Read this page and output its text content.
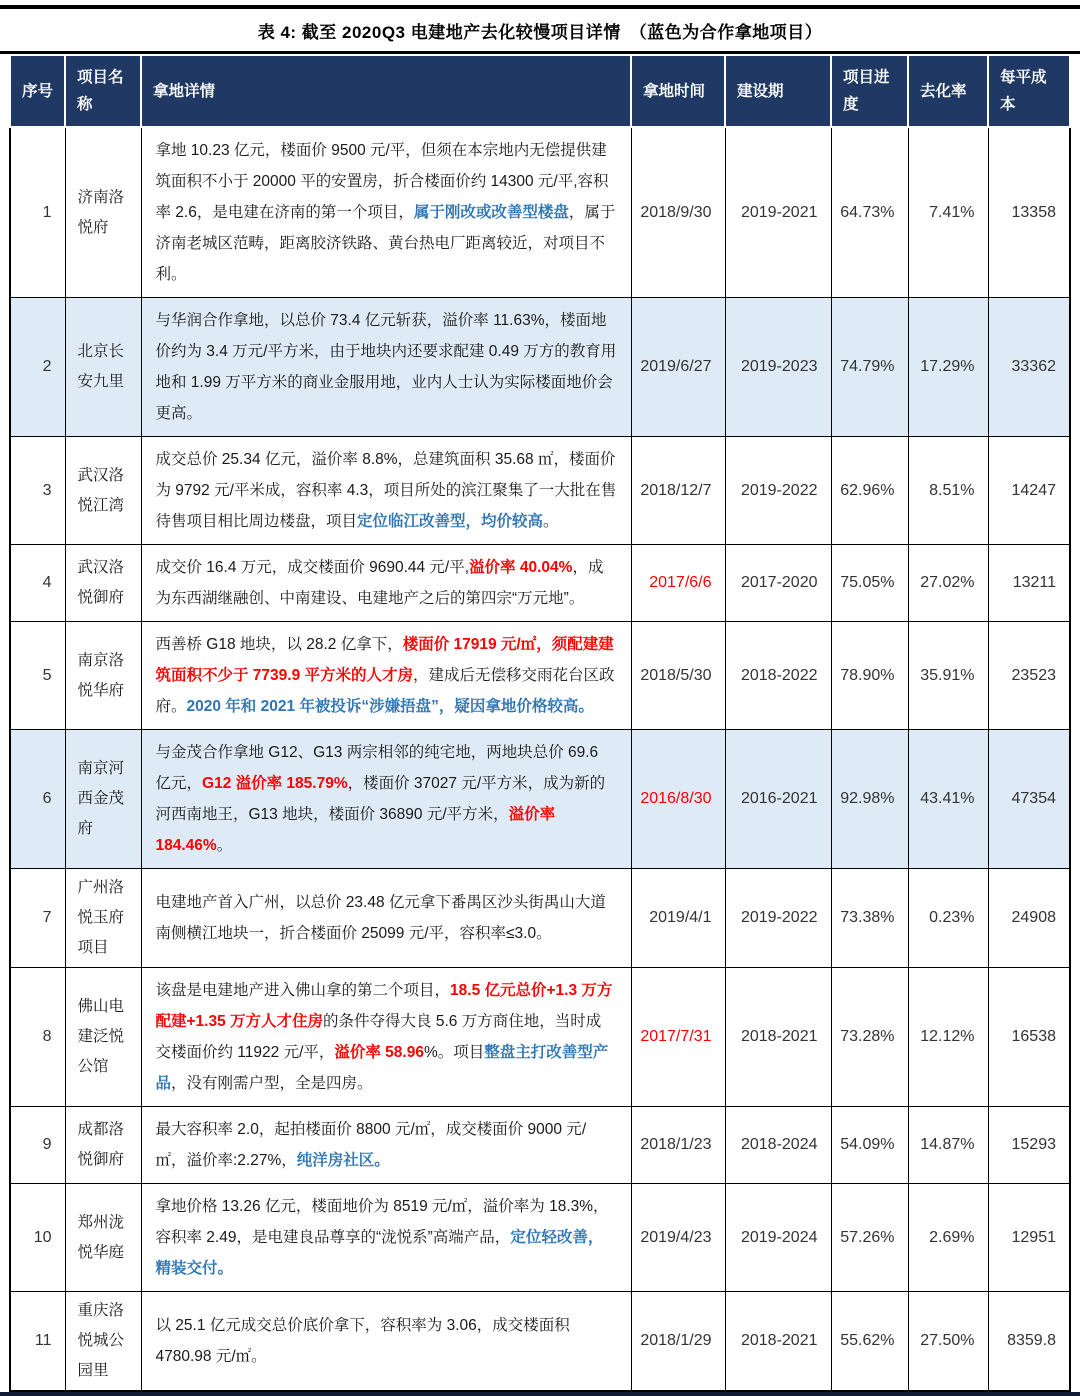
表 4: 截至 2020Q3 电建地产去化较慢项目详情　（蓝色为合作拿地项目）
序号	项目名称	拿地详情	拿地时间	建设期	项目进度	去化率	每平成本
1	济南洛悦府	拿地 10.23 亿元，楼面价 9500 元/平，但须在本宗地内无偿提供建筑面积不小于 20000 平的安置房，折合楼面价约 14300 元/平,容积率 2.6，是电建在济南的第一个项目，属于刚改或改善型楼盘，属于济南老城区范畴，距离胶济铁路、黄台热电厂距离较近，对项目不利。	2018/9/30	2019-2021	64.73%	7.41%	13358
2	北京长安九里	与华润合作拿地，以总价 73.4 亿元斩获，溢价率 11.63%，楼面地价约为 3.4 万元/平方米，由于地块内还要求配建 0.49 万方的教育用地和 1.99 万平方米的商业金服用地，业内人士认为实际楼面地价会更高。	2019/6/27	2019-2023	74.79%	17.29%	33362
3	武汉洛悦江湾	成交总价 25.34 亿元，溢价率 8.8%，总建筑面积 35.68 ㎡，楼面价为 9792 元/平米成，容积率 4.3，项目所处的滨江聚集了一大批在售待售项目相比周边楼盘，项目定位临江改善型，均价较高。	2018/12/7	2019-2022	62.96%	8.51%	14247
4	武汉洛悦御府	成交价 16.4 万元，成交楼面价 9690.44 元/平,溢价率 40.04%，成为东西湖继融创、中南建设、电建地产之后的第四宗“万元地”。	2017/6/6	2017-2020	75.05%	27.02%	13211
5	南京洛悦华府	西善桥 G18 地块，以 28.2 亿拿下，楼面价 17919 元/㎡，须配建建筑面积不少于 7739.9 平方米的人才房，建成后无偿移交雨花台区政府。2020 年和 2021 年被投诉“涉嫌捂盘”，疑因拿地价格较高。	2018/5/30	2018-2022	78.90%	35.91%	23523
6	南京河西金茂府	与金茂合作拿地 G12、G13 两宗相邻的纯宅地，两地块总价 69.6 亿元，G12 溢价率 185.79%，楼面价 37027 元/平方米，成为新的河西南地王，G13 地块，楼面价 36890 元/平方米，溢价率 184.46%。	2016/8/30	2016-2021	92.98%	43.41%	47354
7	广州洛悦玉府项目	电建地产首入广州，以总价 23.48 亿元拿下番禺区沙头街禺山大道南侧横江地块一，折合楼面价 25099 元/平，容积率≤3.0。	2019/4/1	2019-2022	73.38%	0.23%	24908
8	佛山电建泛悦公馆	该盘是电建地产进入佛山拿的第二个项目，18.5 亿元总价+1.3 万方配建+1.35 万方人才住房的条件夺得大良 5.6 万方商住地，当时成交楼面价约 11922 元/平，溢价率 58.96%。项目整盘主打改善型产品，没有刚需户型，全是四房。	2017/7/31	2018-2021	73.28%	12.12%	16538
9	成都洛悦御府	最大容积率 2.0，起拍楼面价 8800 元/㎡，成交楼面价 9000 元/㎡，溢价率:2.27%，纯洋房社区。	2018/1/23	2018-2024	54.09%	14.87%	15293
10	郑州泷悦华庭	拿地价格 13.26 亿元，楼面地价为 8519 元/㎡，溢价率为 18.3%，容积率 2.49，是电建良品尊享的“泷悦系”高端产品，定位轻改善，精装交付。	2019/4/23	2019-2024	57.26%	2.69%	12951
11	重庆洛悦城公园里	以 25.1 亿元成交总价底价拿下，容积率为 3.06，成交楼面积 4780.98 元/㎡。	2018/1/29	2018-2021	55.62%	27.50%	8359.8
